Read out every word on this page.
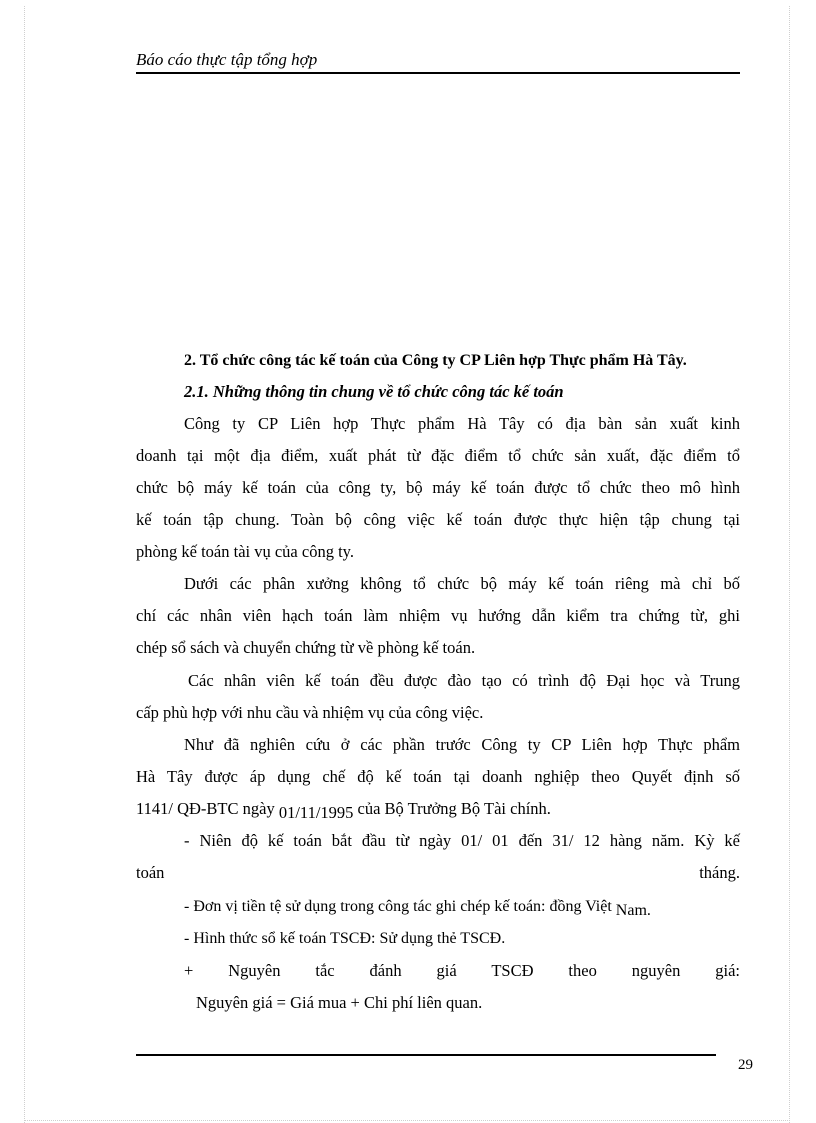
Báo cáo thực tập tổng hợp
2. Tổ chức công tác kế toán của Công ty CP Liên hợp Thực phẩm Hà Tây.
2.1. Những thông tin chung về tổ chức công tác kế toán
Công ty CP Liên hợp Thực phẩm Hà Tây có địa bàn sản xuất kinh
doanh tại một địa điểm, xuất phát từ đặc điểm tổ chức sản xuất, đặc điểm tổ
chức bộ máy kế toán của công ty, bộ máy kế toán được tổ chức theo mô hình
kế toán tập chung. Toàn bộ công việc kế toán được thực hiện tập chung tại
phòng kế toán tài vụ của công ty.
Dưới các phân xưởng không tổ chức bộ máy kế toán riêng mà chỉ bố
chí các nhân viên hạch toán làm nhiệm vụ hướng dẫn kiểm tra chứng từ, ghi
chép sổ sách và chuyển chứng từ về phòng kế toán.
Các nhân viên kế toán đều được đào tạo có trình độ Đại học và Trung
cấp phù hợp với nhu cầu và nhiệm vụ của công việc.
Như đã nghiên cứu ở các phần trước Công ty CP Liên hợp Thực phẩm
Hà Tây được áp dụng chế độ kế toán tại doanh nghiệp theo Quyết định số
1141/ QĐ-BTC ngày 01/11/1995 của Bộ Trưởng Bộ Tài chính.
- Niên độ kế toán bắt đầu từ ngày 01/ 01 đến 31/ 12 hàng năm. Kỳ kế
toán tháng.
- Đơn vị tiền tệ sử dụng trong công tác ghi chép kế toán: đồng Việt Nam.
- Hình thức sổ kế toán TSCĐ: Sử dụng thẻ TSCĐ.
+ Nguyên tắc đánh giá TSCĐ theo nguyên giá:
Nguyên giá = Giá mua + Chi phí liên quan.
29
